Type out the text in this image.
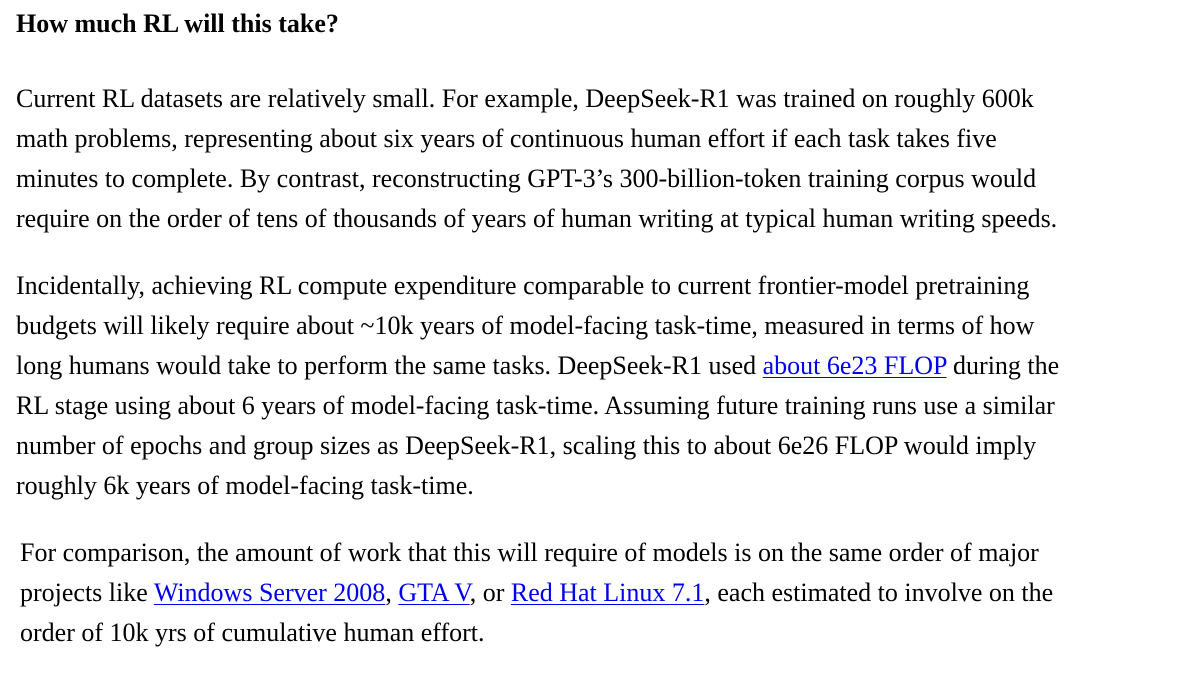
How much RL will this take?

Current RL datasets are relatively small. For example, DeepSeek-R1 was trained on roughly 600k
math problems, representing about six years of continuous human effort if each task takes five
minutes to complete. By contrast, reconstructing GPT-3’s 300-billion-token training corpus would
require on the order of tens of thousands of years of human writing at typical human writing speeds.

Incidentally, achieving RL compute expenditure comparable to current frontier-model pretraining
budgets will likely require about ~10k years of model-facing task-time, measured in terms of how
long humans would take to perform the same tasks. DeepSeek-R1 used about 6e23 FLOP during the
RL stage using about 6 years of model-facing task-time. Assuming future training runs use a similar
number of epochs and group sizes as DeepSeek-R1, scaling this to about 6e26 FLOP would imply
roughly 6k years of model-facing task-time.

For comparison, the amount of work that this will require of models is on the same order of major
projects like Windows Server 2008, GTA V, or Red Hat Linux 7.1, each estimated to involve on the
order of 10k yrs of cumulative human effort.
